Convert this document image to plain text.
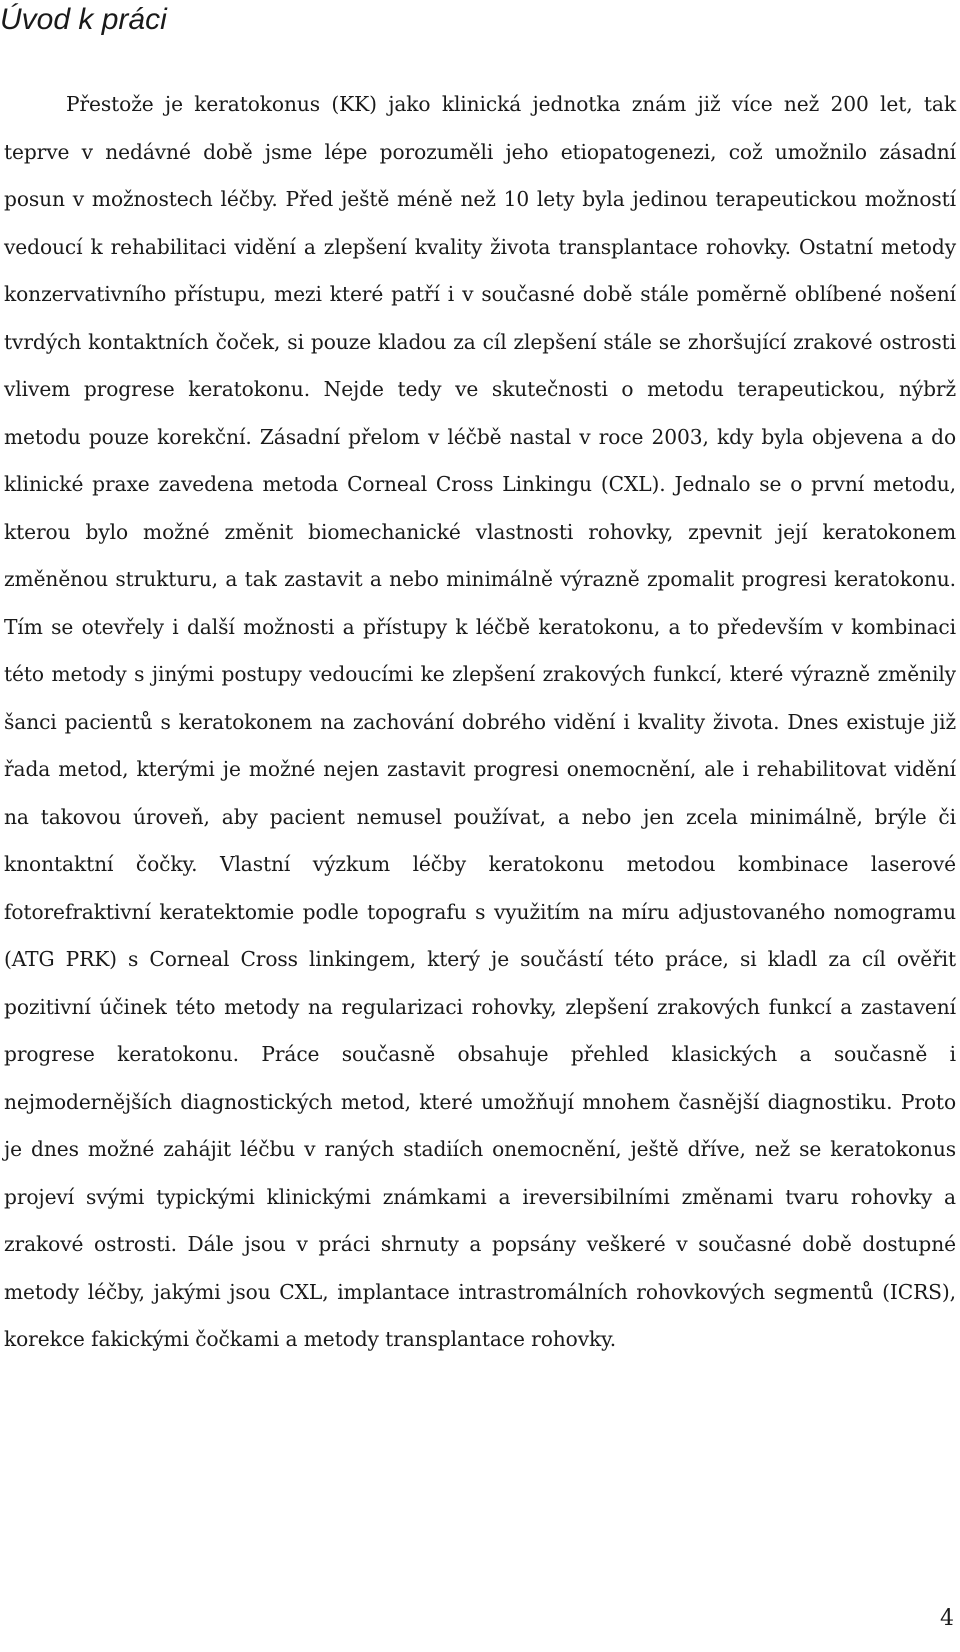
Úvod k práci

Přestože je keratokonus (KK) jako klinická jednotka znám již více než 200 let, tak teprve v nedávné době jsme lépe porozuměli jeho etiopatogenezi, což umožnilo zásadní posun v možnostech léčby. Před ještě méně než 10 lety byla jedinou terapeutickou možností vedoucí k rehabilitaci vidění a zlepšení kvality života transplantace rohovky. Ostatní metody konzervativního přístupu, mezi které patří i v současné době stále poměrně oblíbené nošení tvrdých kontaktních čoček, si pouze kladou za cíl zlepšení stále se zhoršující zrakové ostrosti vlivem progrese keratokonu. Nejde tedy ve skutečnosti o metodu terapeutickou, nýbrž metodu pouze korekční. Zásadní přelom v léčbě nastal v roce 2003, kdy byla objevena a do klinické praxe zavedena metoda Corneal Cross Linkingu (CXL). Jednalo se o první metodu, kterou bylo možné změnit biomechanické vlastnosti rohovky, zpevnit její keratokonem změněnou strukturu, a tak zastavit a nebo minimálně výrazně zpomalit progresi keratokonu. Tím se otevřely i další možnosti a přístupy k léčbě keratokonu, a to především v kombinaci této metody s jinými postupy vedoucími ke zlepšení zrakových funkcí, které výrazně změnily šanci pacientů s keratokonem na zachování dobrého vidění i kvality života. Dnes existuje již řada metod, kterými je možné nejen zastavit progresi onemocnění, ale i rehabilitovat vidění na takovou úroveň, aby pacient nemusel používat, a nebo jen zcela minimálně, brýle či knontaktní čočky. Vlastní výzkum léčby keratokonu metodou kombinace laserové fotorefraktivní keratektomie podle topografu s využitím na míru adjustovaného nomogramu (ATG PRK) s Corneal Cross linkingem, který je součástí této práce, si kladl za cíl ověřit pozitivní účinek této metody na regularizaci rohovky, zlepšení zrakových funkcí a zastavení progrese keratokonu. Práce současně obsahuje přehled klasických a současně i nejmodernějších diagnostických metod, které umožňují mnohem časnější diagnostiku. Proto je dnes možné zahájit léčbu v raných stadiích onemocnění, ještě dříve, než se keratokonus projeví svými typickými klinickými známkami a ireversibilními změnami tvaru rohovky a zrakové ostrosti. Dále jsou v práci shrnuty a popsány veškeré v současné době dostupné metody léčby, jakými jsou CXL, implantace intrastromálních rohovkových segmentů (ICRS), korekce fakickými čočkami a metody transplantace rohovky.

4
